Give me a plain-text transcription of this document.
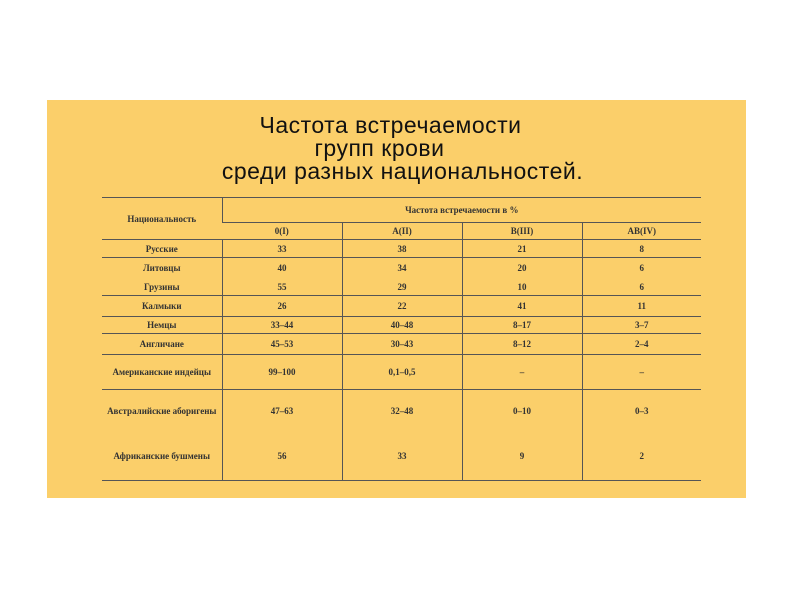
Частота встречаемости
групп крови
среди разных национальностей.
Национальность	Частота встречаемости в %			
	0(I)	A(II)	B(III)	AB(IV)
Русские	33	38	21	8
Литовцы	40	34	20	6
Грузины	55	29	10	6
Калмыки	26	22	41	11
Немцы	33–44	40–48	8–17	3–7
Англичане	45–53	30–43	8–12	2–4
Американские индейцы	99–100	0,1–0,5	–	–
Австралийские аборигены	47–63	32–48	0–10	0–3
Африканские бушмены	56	33	9	2
